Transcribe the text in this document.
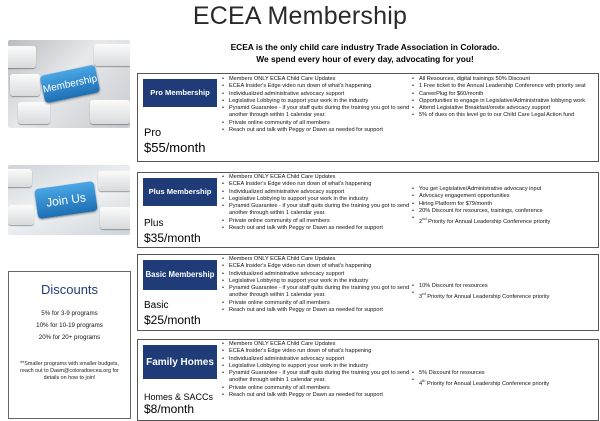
ECEA Membership
ECEA is the only child care industry Trade Association in Colorado.
We spend every hour of every day, advocating for you!
Membership
Join Us
Pro Membership
Pro
$55/month
• Members ONLY ECEA Child Care Updates
• ECEA Insider's Edge video run down of what's happening
• Individualized administrative advocacy support
• Legislative Lobbying to support your work in the industry
• Pyramid Guarantee - if your staff quits during the training you got to send another through within 1 calendar year.
• Private online community of all members
• Reach out and talk with Peggy or Dawn as needed for support
• All Resources, digital trainings 50% Discount
• 1 Free ticket to the Annual Leadership Conference with priority seat
• CareerPlug for $60/month
• Opportunities to engage in Legislative/Administrative lobbying work
• Attend Legislative Breakfast/onsite advocacy support
• 5% of dues on this level go to our Child Care Legal Action fund
Plus Membership
Plus
$35/month
• Members ONLY ECEA Child Care Updates
• ECEA Insider's Edge video run down of what's happening
• Individualized administrative advocacy support
• Legislative Lobbying to support your work in the industry
• Pyramid Guarantee - if your staff quits during the training you got to send another through within 1 calendar year.
• Private online community of all members
• Reach out and talk with Peggy or Dawn as needed for support
• You get Legislative/Administrative advocacy input
• Advocacy engagement opportunities
• Hiring Platform for $79/month
• 20% Discount for resources, trainings, conference
• 2nd Priority for Annual Leadership Conference priority
Basic Membership
Basic
$25/month
• Members ONLY ECEA Child Care Updates
• ECEA Insider's Edge video run down of what's happening
• Individualized administrative advocacy support
• Legislative Lobbying to support your work in the industry
• Pyramid Guarantee - if your staff quits during the training you got to send another through within 1 calendar year.
• Private online community of all members
• Reach out and talk with Peggy or Dawn as needed for support
• 10% Discount for resources
• 3rd Priority for Annual Leadership Conference priority
Family Homes
Homes & SACCs
$8/month
• Members ONLY ECEA Child Care Updates
• ECEA Insider's Edge video run down of what's happening
• Individualized administrative advocacy support
• Legislative Lobbying to support your work in the industry
• Pyramid Guarantee - if your staff quits during the training you got to send another through within 1 calendar year.
• Private online community of all members
• Reach out and talk with Peggy or Dawn as needed for support
• 5% Discount for resources
• 4th Priority for Annual Leadership Conference priority
Discounts
5% for 3-9 programs
10% for 10-19 programs
20% for 20+ programs
**Smaller programs with smaller budgets, reach out to Dawn@coloradoecea.org for details on how to join!
